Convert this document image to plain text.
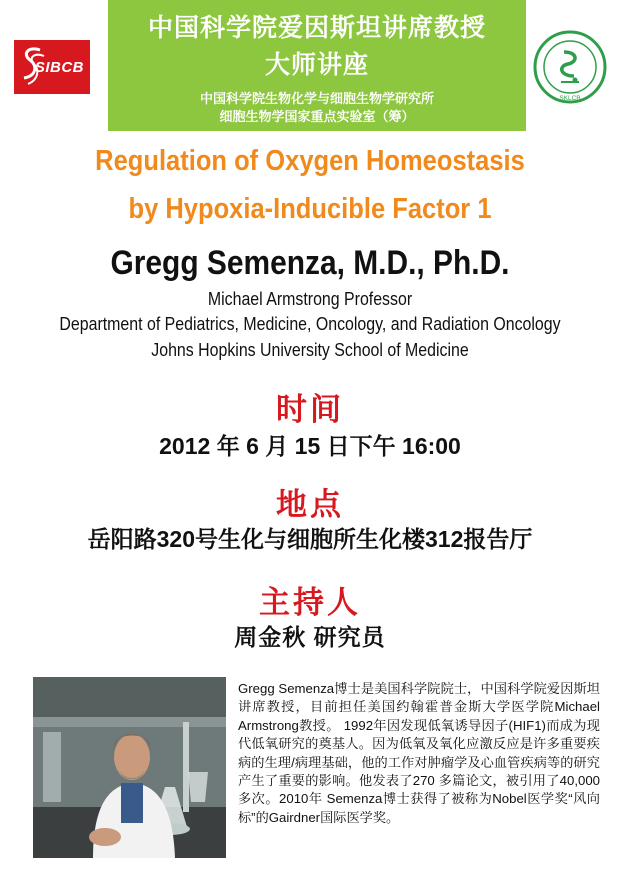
中国科学院爱因斯坦讲席教授
大师讲座
中国科学院生物化学与细胞生物学研究所
细胞生物学国家重点实验室（筹）
SIBCB
SKLCB
Regulation of Oxygen Homeostasis
by Hypoxia-Inducible Factor 1
Gregg Semenza, M.D., Ph.D.
Michael Armstrong Professor
Department of Pediatrics, Medicine, Oncology, and Radiation Oncology
Johns Hopkins University School of Medicine
时间
2012 年 6 月 15 日下午 16:00
地点
岳阳路320号生化与细胞所生化楼312报告厅
主持人
周金秋 研究员
Gregg Semenza博士是美国科学院院士，中国科学院爱因斯坦讲席教授，目前担任美国约翰霍普金斯大学医学院Michael Armstrong教授。 1992年因发现低氧诱导因子(HIF1)而成为现代低氧研究的奠基人。因为低氧及氧化应激反应是许多重要疾病的生理/病理基础，他的工作对肿瘤学及心血管疾病等的研究产生了重要的影响。他发表了270 多篇论文，被引用了40,000多次。2010年 Semenza博士获得了被称为Nobel医学奖“风向标”的Gairdner国际医学奖。
